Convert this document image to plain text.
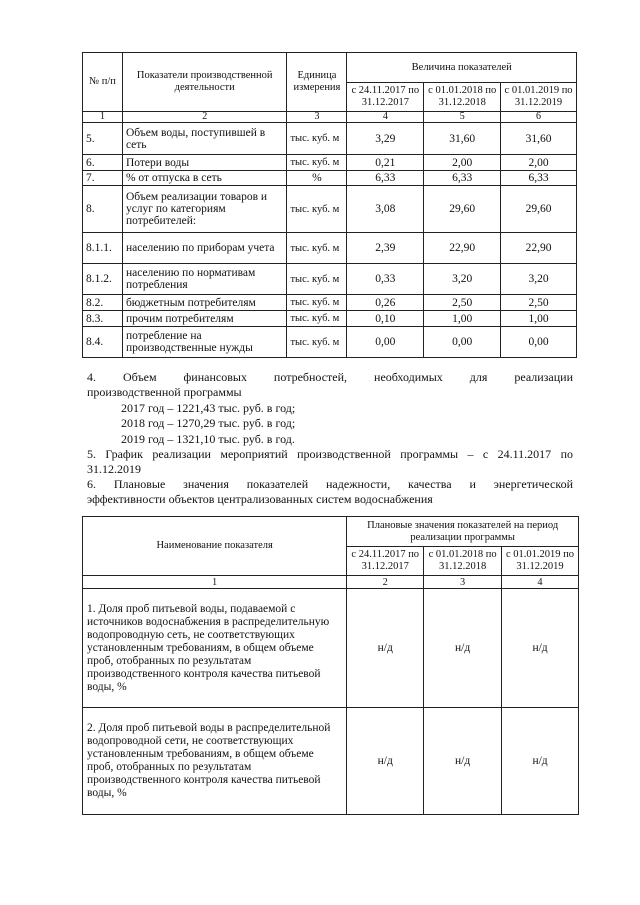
№ п/п	Показатели производственной деятельности	Единица измерения	Величина показателей		
			с 24.11.2017 по 31.12.2017	с 01.01.2018 по 31.12.2018	с 01.01.2019 по 31.12.2019
1	2	3	4	5	6
5.	Объем воды, поступившей в сеть	тыс. куб. м	3,29	31,60	31,60
6.	Потери воды	тыс. куб. м	0,21	2,00	2,00
7.	% от отпуска в сеть	%	6,33	6,33	6,33
8.	Объем реализации товаров и услуг по категориям потребителей:	тыс. куб. м	3,08	29,60	29,60
8.1.1.	населению по приборам учета	тыс. куб. м	2,39	22,90	22,90
8.1.2.	населению по нормативам потребления	тыс. куб. м	0,33	3,20	3,20
8.2.	бюджетным потребителям	тыс. куб. м	0,26	2,50	2,50
8.3.	прочим потребителям	тыс. куб. м	0,10	1,00	1,00
8.4.	потребление на производственные нужды	тыс. куб. м	0,00	0,00	0,00
4. Объем финансовых потребностей, необходимых для реализации
производственной программы
2017 год – 1221,43 тыс. руб. в год;
2018 год – 1270,29 тыс. руб. в год;
2019 год – 1321,10 тыс. руб. в год.
5. График реализации мероприятий производственной программы – с 24.11.2017 по
31.12.2019
6. Плановые значения показателей надежности, качества и энергетической
эффективности объектов централизованных систем водоснабжения
Наименование показателя	Плановые значения показателей на период реализации программы		
	с 24.11.2017 по 31.12.2017	с 01.01.2018 по 31.12.2018	с 01.01.2019 по 31.12.2019
1	2	3	4
1. Доля проб питьевой воды, подаваемой с источников водоснабжения в распределительную водопроводную сеть, не соответствующих установленным требованиям, в общем объеме проб, отобранных по результатам производственного контроля качества питьевой воды, %	н/д	н/д	н/д
2. Доля проб питьевой воды в распределительной водопроводной сети, не соответствующих установленным требованиям, в общем объеме проб, отобранных по результатам производственного контроля качества питьевой воды, %	н/д	н/д	н/д
